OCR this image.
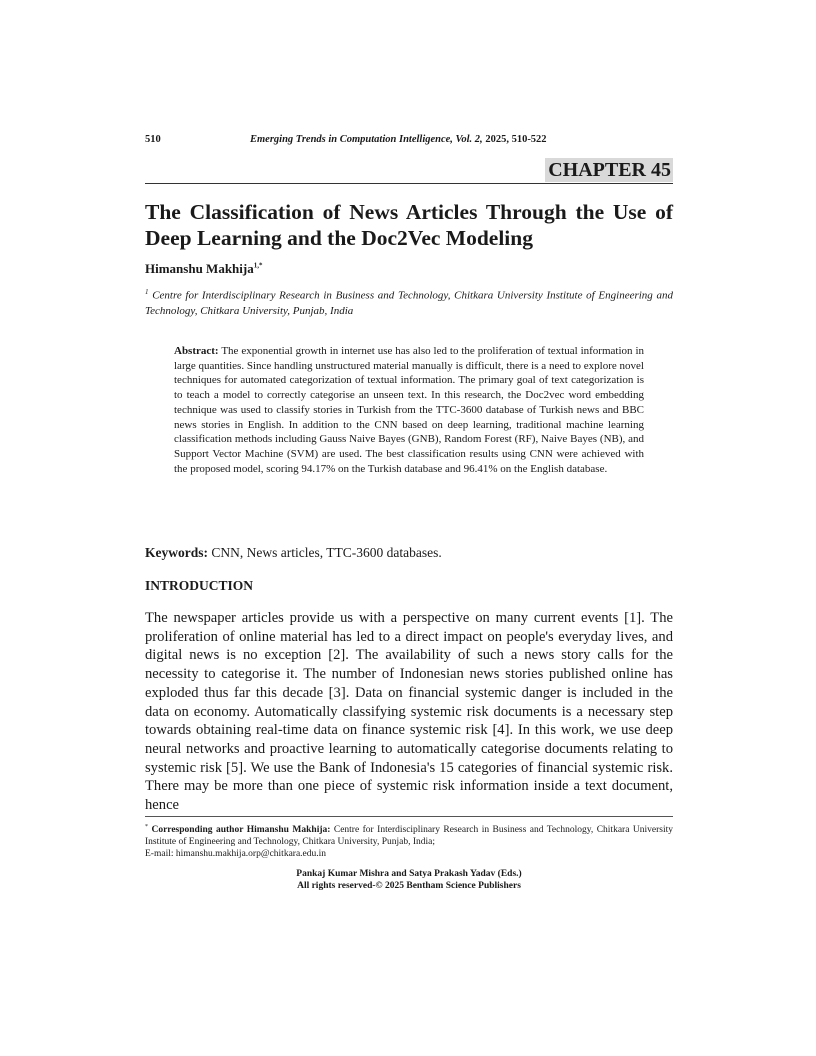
510	Emerging Trends in Computation Intelligence, Vol. 2, 2025, 510-522
CHAPTER 45
The Classification of News Articles Through the Use of Deep Learning and the Doc2Vec Modeling
Himanshu Makhija$^{1,*}$
$^1$ Centre for Interdisciplinary Research in Business and Technology, Chitkara University Institute of Engineering and Technology, Chitkara University, Punjab, India

Abstract: The exponential growth in internet use has also led to the proliferation of textual information in large quantities. Since handling unstructured material manually is difficult, there is a need to explore novel techniques for automated categorization of textual information. The primary goal of text categorization is to teach a model to correctly categorise an unseen text. In this research, the Doc2vec word embedding technique was used to classify stories in Turkish from the TTC-3600 database of Turkish news and BBC news stories in English. In addition to the CNN based on deep learning, traditional machine learning classification methods including Gauss Naive Bayes (GNB), Random Forest (RF), Naive Bayes (NB), and Support Vector Machine (SVM) are used. The best classification results using CNN were achieved with the proposed model, scoring 94.17% on the Turkish database and 96.41% on the English database.

Keywords: CNN, News articles, TTC-3600 databases.
INTRODUCTION

The newspaper articles provide us with a perspective on many current events [1]. The proliferation of online material has led to a direct impact on people's everyday lives, and digital news is no exception [2]. The availability of such a news story calls for the necessity to categorise it. The number of Indonesian news stories published online has exploded thus far this decade [3]. Data on financial systemic danger is included in the data on economy. Automatically classifying systemic risk documents is a necessary step towards obtaining real-time data on finance systemic risk [4]. In this work, we use deep neural networks and proactive learning to automatically categorise documents relating to systemic risk [5]. We use the Bank of Indonesia's 15 categories of financial systemic risk. There may be more than one piece of systemic risk information inside a text document, hence

* Corresponding author Himanshu Makhija: Centre for Interdisciplinary Research in Business and Technology, Chitkara University Institute of Engineering and Technology, Chitkara University, Punjab, India;
E-mail: himanshu.makhija.orp@chitkara.edu.in

Pankaj Kumar Mishra and Satya Prakash Yadav (Eds.)
All rights reserved-© 2025 Bentham Science Publishers
